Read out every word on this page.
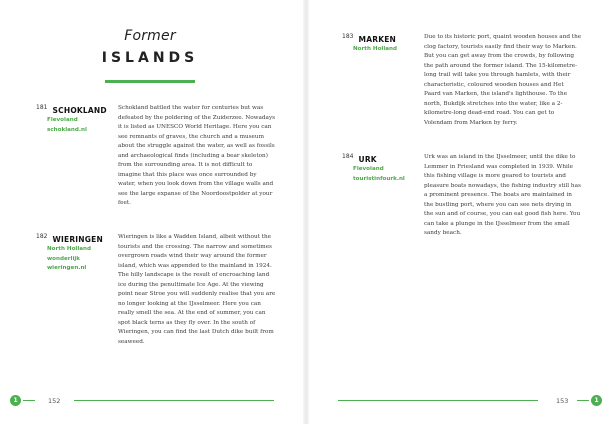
Former
ISLANDS
$^{181}$ SCHOKLAND
Flevoland
schokland.nl
Schokland battled the water for centuries but was defeated by the poldering of the Zuiderzee. Nowadays it is listed as UNESCO World Heritage. Here you can see remnants of graves, the church and a museum about the struggle against the water, as well as fossils and archaeological finds (including a bear skeleton) from the surrounding area. It is not difficult to imagine that this place was once surrounded by water, when you look down from the village walls and see the large expanse of the Noordoostpolder at your feet.
$^{182}$ WIERINGEN
North Holland
wonderlijk
wieringen.nl
Wieringen is like a Wadden Island, albeit without the tourists and the crossing. The narrow and sometimes overgrown roads wind their way around the former island, which was appended to the mainland in 1924. The hilly landscape is the result of encroaching land ice during the penultimate Ice Age. At the viewing point near Stroe you will suddenly realise that you are no longer looking at the IJsselmeer. Here you can really smell the sea. At the end of summer, you can spot black terns as they fly over. In the south of Wieringen, you can find the last Dutch dike built from seaweed.
1	152
$^{183}$ MARKEN
North Holland
Due to its historic port, quaint wooden houses and the clog factory, tourists easily find their way to Marken. But you can get away from the crowds, by following the path around the former island. The 15-kilometre-long trail will take you through hamlets, with their characteristic, coloured wooden houses and Het Paard van Marken, the island's lighthouse. To the north, Bukdijk stretches into the water, like a 2-kilometre-long dead-end road. You can get to Volendam from Marken by ferry.
$^{184}$ URK
Flevoland
touristinfourk.nl
Urk was an island in the IJsselmeer, until the dike to Lemmer in Friesland was completed in 1939. While this fishing village is more geared to tourists and pleasure boats nowadays, the fishing industry still has a prominent presence. The boats are maintained in the bustling port, where you can see nets drying in the sun and of course, you can eat good fish here. You can take a plunge in the IJsselmeer from the small sandy beach.
153	1
